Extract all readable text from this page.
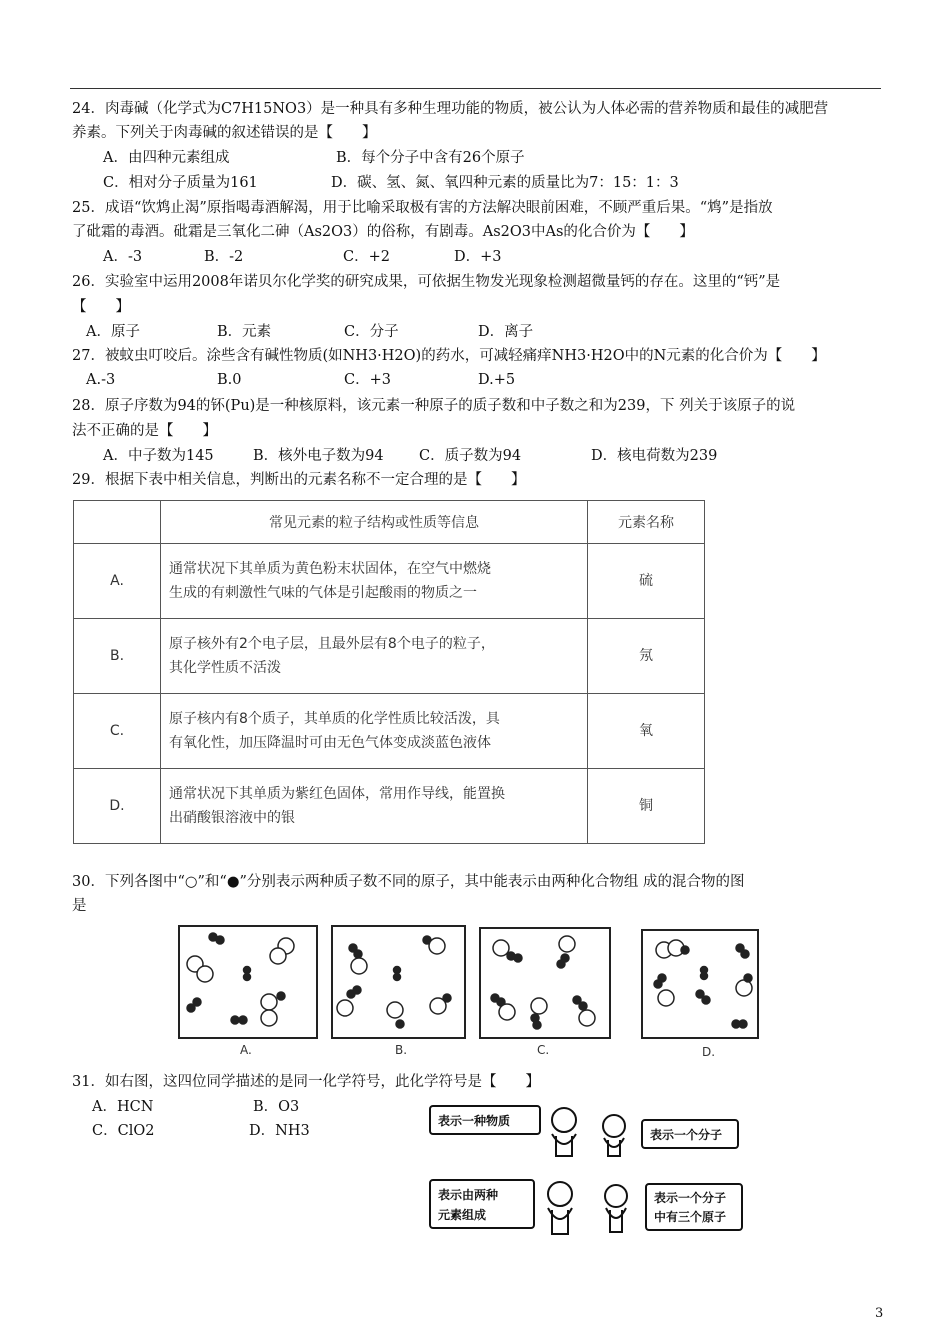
24．肉毒碱（化学式为C7H15NO3）是一种具有多种生理功能的物质，被公认为人体必需的营养物质和最佳的减肥营
养素。下列关于肉毒碱的叙述错误的是【　　】
A．由四种元素组成	B．每个分子中含有26个原子
C．相对分子质量为161	D．碳、氢、氮、氧四种元素的质量比为7：15：1：3
25．成语“饮鸩止渴”原指喝毒酒解渴，用于比喻采取极有害的方法解决眼前困难，不顾严重后果。“鸩”是指放
了砒霜的毒酒。砒霜是三氧化二砷（As2O3）的俗称，有剧毒。As2O3中As的化合价为【　　】
A．-3	B．-2	C．+2	D．+3
26．实验室中运用2008年诺贝尔化学奖的研究成果，可依据生物发光现象检测超微量钙的存在。这里的“钙”是
【　　】
A．原子	B．元素	C．分子	D．离子
27．被蚊虫叮咬后。涂些含有碱性物质(如NH3·H2O)的药水，可减轻痛痒NH3·H2O中的N元素的化合价为【　　】
A.-3	B.0	C．+3	D.+5
28．原子序数为94的钚(Pu)是一种核原料，该元素一种原子的质子数和中子数之和为239，下 列关于该原子的说
法不正确的是【　　】
A．中子数为145	B．核外电子数为94 C．质子数为94	D．核电荷数为239
29．根据下表中相关信息，判断出的元素名称不一定合理的是【　　】
	常见元素的粒子结构或性质等信息	元素名称
A.	通常状况下其单质为黄色粉末状固体，在空气中燃烧
生成的有刺激性气味的气体是引起酸雨的物质之一	硫
B.	原子核外有2个电子层，且最外层有8个电子的粒子，
其化学性质不活泼	氖
C.	原子核内有8个质子，其单质的化学性质比较活泼，具
有氧化性，加压降温时可由无色气体变成淡蓝色液体	氧
D.	通常状况下其单质为紫红色固体，常用作导线，能置换
出硝酸银溶液中的银	铜
30．下列各图中“○”和“●”分别表示两种质子数不同的原子，其中能表示由两种化合物组 成的混合物的图
是
A.	B.	C.	D.
31．如右图，这四位同学描述的是同一化学符号，此化学符号是【　　】
A．HCN	B．O3
C．ClO2	D．NH3
表示一种物质
表示一个分子
表示由两种
元素组成
表示一个分子
中有三个原子
3
